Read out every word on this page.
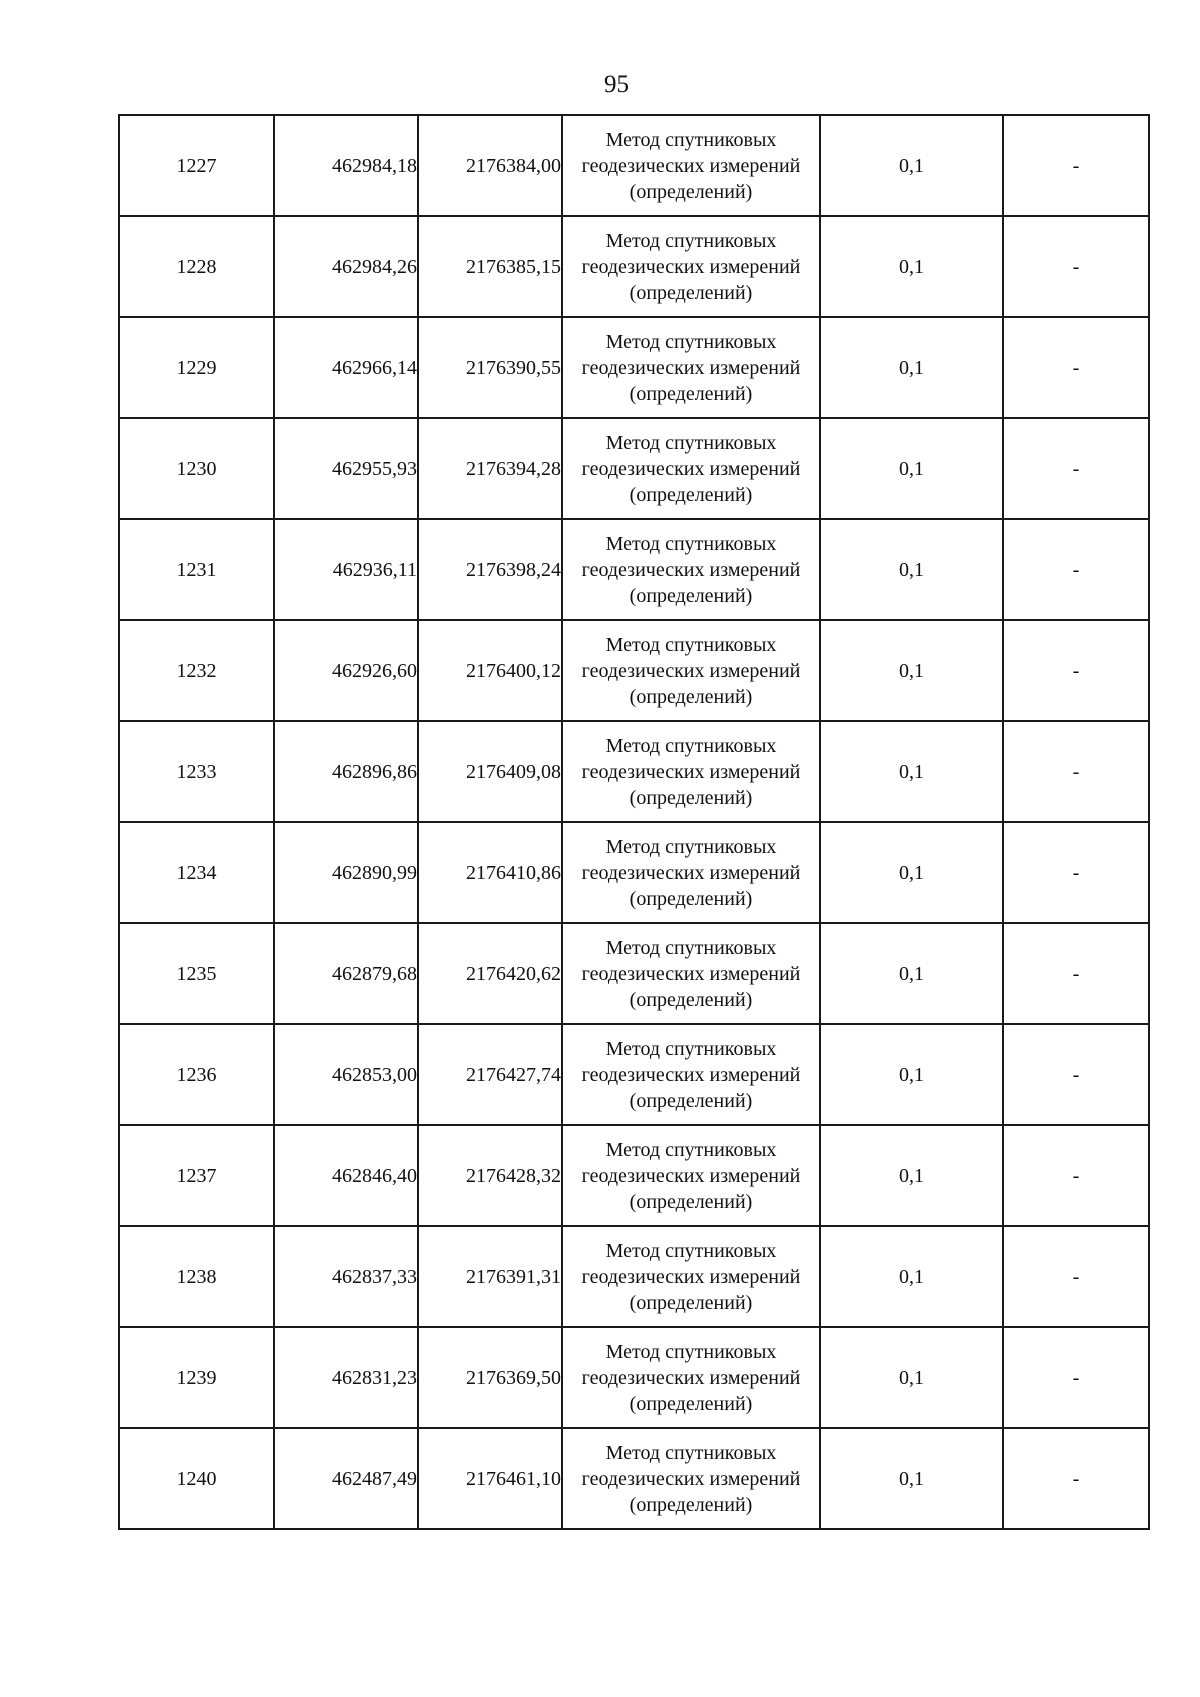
95
1227	462984,18	2176384,00	Метод спутниковых
геодезических измерений
(определений)	0,1	-
1228	462984,26	2176385,15	Метод спутниковых
геодезических измерений
(определений)	0,1	-
1229	462966,14	2176390,55	Метод спутниковых
геодезических измерений
(определений)	0,1	-
1230	462955,93	2176394,28	Метод спутниковых
геодезических измерений
(определений)	0,1	-
1231	462936,11	2176398,24	Метод спутниковых
геодезических измерений
(определений)	0,1	-
1232	462926,60	2176400,12	Метод спутниковых
геодезических измерений
(определений)	0,1	-
1233	462896,86	2176409,08	Метод спутниковых
геодезических измерений
(определений)	0,1	-
1234	462890,99	2176410,86	Метод спутниковых
геодезических измерений
(определений)	0,1	-
1235	462879,68	2176420,62	Метод спутниковых
геодезических измерений
(определений)	0,1	-
1236	462853,00	2176427,74	Метод спутниковых
геодезических измерений
(определений)	0,1	-
1237	462846,40	2176428,32	Метод спутниковых
геодезических измерений
(определений)	0,1	-
1238	462837,33	2176391,31	Метод спутниковых
геодезических измерений
(определений)	0,1	-
1239	462831,23	2176369,50	Метод спутниковых
геодезических измерений
(определений)	0,1	-
1240	462487,49	2176461,10	Метод спутниковых
геодезических измерений
(определений)	0,1	-
